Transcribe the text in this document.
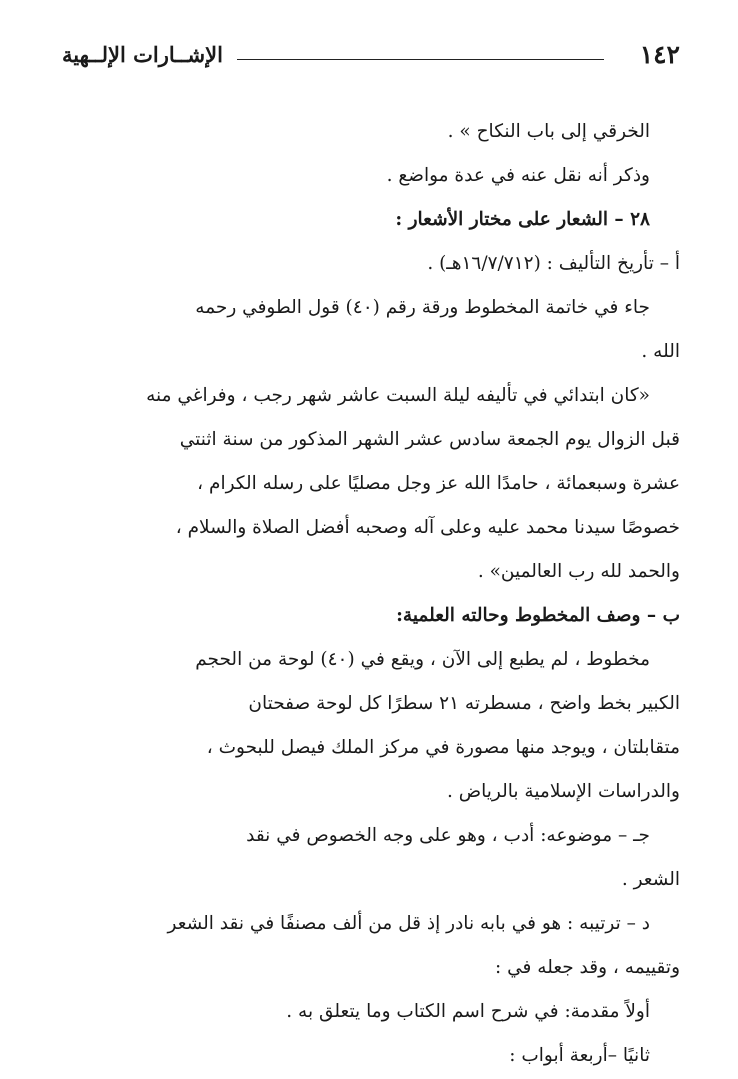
١٤٢
الإشــارات الإلــهية
الخرقي إلى باب النكاح » .
وذكر أنه نقل عنه في عدة مواضع .
٢٨ – الشعار على مختار الأشعار :
أ – تأريخ التأليف : (١٦/٧/٧١٢هـ) .
جاء في خاتمة المخطوط ورقة رقم (٤٠) قول الطوفي رحمه
الله .
«كان ابتدائي في تأليفه ليلة السبت عاشر شهر رجب ، وفراغي منه
قبل الزوال يوم الجمعة سادس عشر الشهر المذكور من سنة اثنتي
عشرة وسبعمائة ، حامدًا الله عز وجل مصليًا على رسله الكرام ،
خصوصًا سيدنا محمد عليه وعلى آله وصحبه أفضل الصلاة والسلام ،
والحمد لله رب العالمين» .
ب – وصف المخطوط وحالته العلمية:
مخطوط ، لم يطبع إلى الآن ، ويقع في (٤٠) لوحة من الحجم
الكبير بخط واضح ، مسطرته ٢١ سطرًا كل لوحة صفحتان
متقابلتان ، ويوجد منها مصورة في مركز الملك فيصل للبحوث ،
والدراسات الإسلامية بالرياض .
جـ – موضوعه: أدب ، وهو على وجه الخصوص في نقد
الشعر .
د – ترتيبه : هو في بابه نادر إذ قل من ألف مصنفًا في نقد الشعر
وتقييمه ، وقد جعله في :
أولاً مقدمة: في شرح اسم الكتاب وما يتعلق به .
ثانيًا –أربعة أبواب :
